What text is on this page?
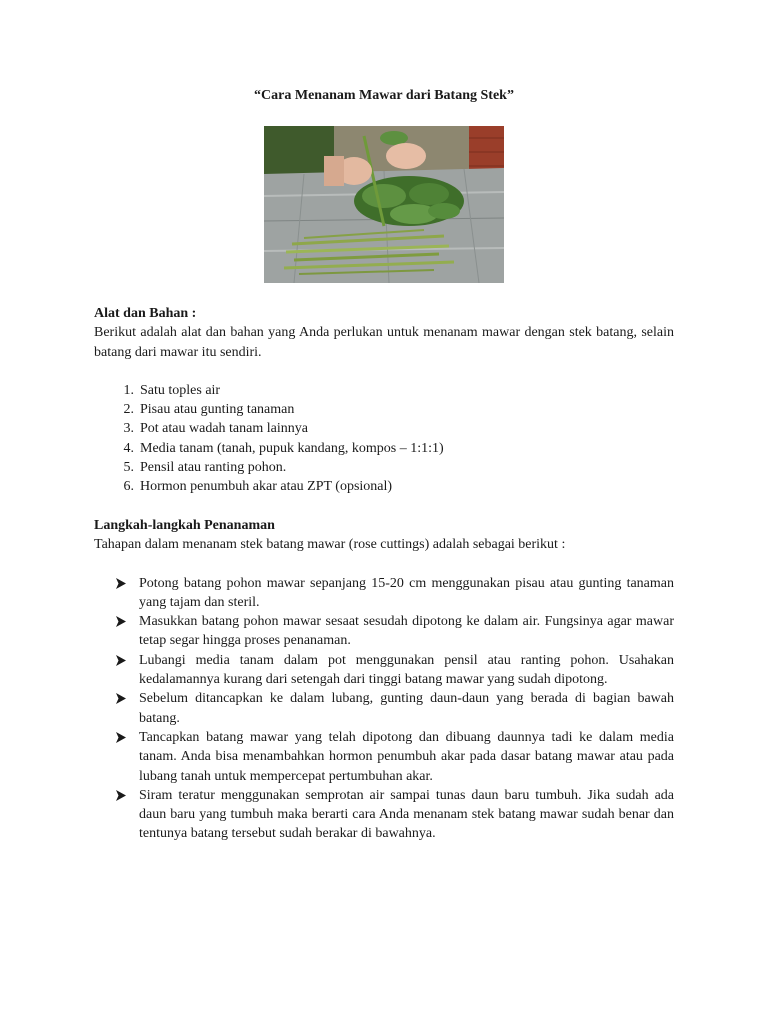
“Cara Menanam Mawar dari Batang Stek”
Alat dan Bahan :
Berikut adalah alat dan bahan yang Anda perlukan untuk menanam mawar dengan stek batang, selain batang dari mawar itu sendiri.
1. Satu toples air
2. Pisau atau gunting tanaman
3. Pot atau wadah tanam lainnya
4. Media tanam (tanah, pupuk kandang, kompos – 1:1:1)
5. Pensil atau ranting pohon.
6. Hormon penumbuh akar atau ZPT (opsional)
Langkah-langkah Penanaman
Tahapan dalam menanam stek batang mawar (rose cuttings) adalah sebagai berikut :
Potong batang pohon mawar sepanjang 15-20 cm menggunakan pisau atau gunting tanaman yang tajam dan steril.
Masukkan batang pohon mawar sesaat sesudah dipotong ke dalam air. Fungsinya agar mawar tetap segar hingga proses penanaman.
Lubangi media tanam dalam pot menggunakan pensil atau ranting pohon. Usahakan kedalamannya kurang dari setengah dari tinggi batang mawar yang sudah dipotong.
Sebelum ditancapkan ke dalam lubang, gunting daun-daun yang berada di bagian bawah batang.
Tancapkan batang mawar yang telah dipotong dan dibuang daunnya tadi ke dalam media tanam. Anda bisa menambahkan hormon penumbuh akar pada dasar batang mawar atau pada lubang tanah untuk mempercepat pertumbuhan akar.
Siram teratur menggunakan semprotan air sampai tunas daun baru tumbuh. Jika sudah ada daun baru yang tumbuh maka berarti cara Anda menanam stek batang mawar sudah benar dan tentunya batang tersebut sudah berakar di bawahnya.
